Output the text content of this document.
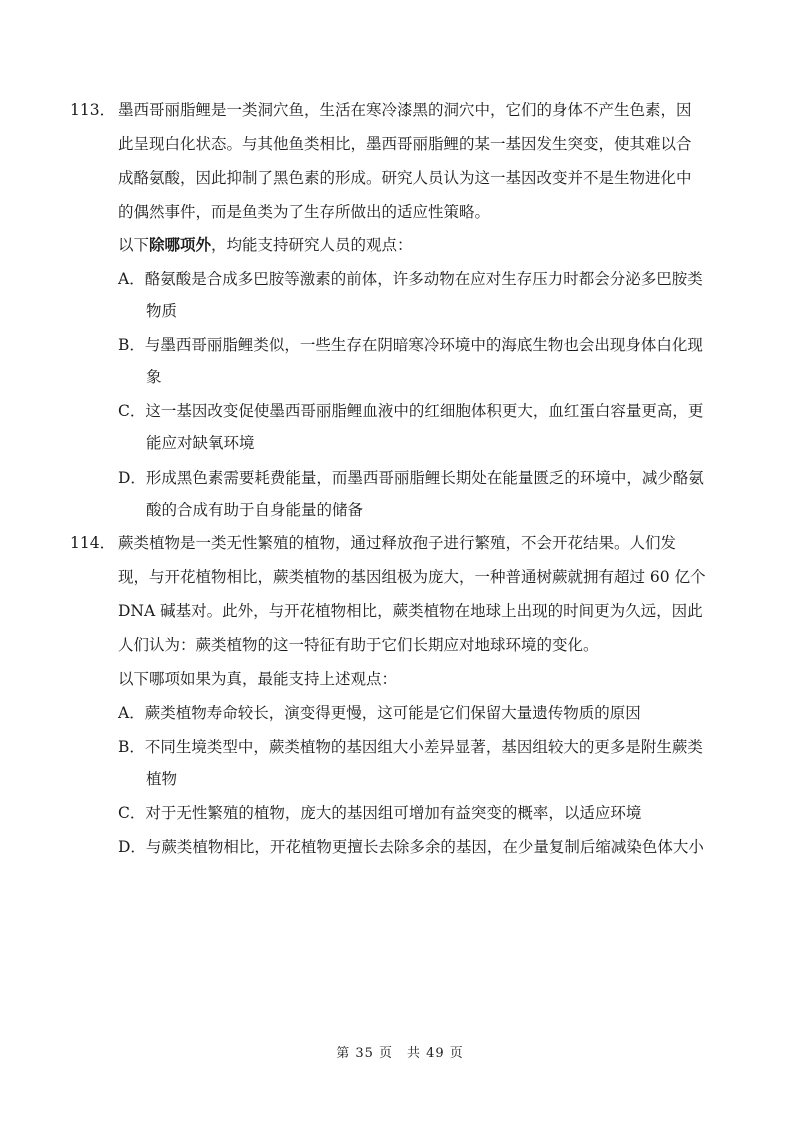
113． 墨西哥丽脂鲤是一类洞穴鱼，生活在寒冷漆黑的洞穴中，它们的身体不产生色素，因
此呈现白化状态。与其他鱼类相比，墨西哥丽脂鲤的某一基因发生突变，使其难以合
成酪氨酸，因此抑制了黑色素的形成。研究人员认为这一基因改变并不是生物进化中
的偶然事件，而是鱼类为了生存所做出的适应性策略。
以下除哪项外，均能支持研究人员的观点：
A．酪氨酸是合成多巴胺等激素的前体，许多动物在应对生存压力时都会分泌多巴胺类
物质
B．与墨西哥丽脂鲤类似，一些生存在阴暗寒冷环境中的海底生物也会出现身体白化现
象
C．这一基因改变促使墨西哥丽脂鲤血液中的红细胞体积更大，血红蛋白容量更高，更
能应对缺氧环境
D．形成黑色素需要耗费能量，而墨西哥丽脂鲤长期处在能量匮乏的环境中，减少酪氨
酸的合成有助于自身能量的储备
114． 蕨类植物是一类无性繁殖的植物，通过释放孢子进行繁殖，不会开花结果。人们发
现，与开花植物相比，蕨类植物的基因组极为庞大，一种普通树蕨就拥有超过 60 亿个
DNA 碱基对。此外，与开花植物相比，蕨类植物在地球上出现的时间更为久远，因此
人们认为：蕨类植物的这一特征有助于它们长期应对地球环境的变化。
以下哪项如果为真，最能支持上述观点：
A．蕨类植物寿命较长，演变得更慢，这可能是它们保留大量遗传物质的原因
B．不同生境类型中，蕨类植物的基因组大小差异显著，基因组较大的更多是附生蕨类
植物
C．对于无性繁殖的植物，庞大的基因组可增加有益突变的概率，以适应环境
D．与蕨类植物相比，开花植物更擅长去除多余的基因，在少量复制后缩减染色体大小
第 35 页　共 49 页
